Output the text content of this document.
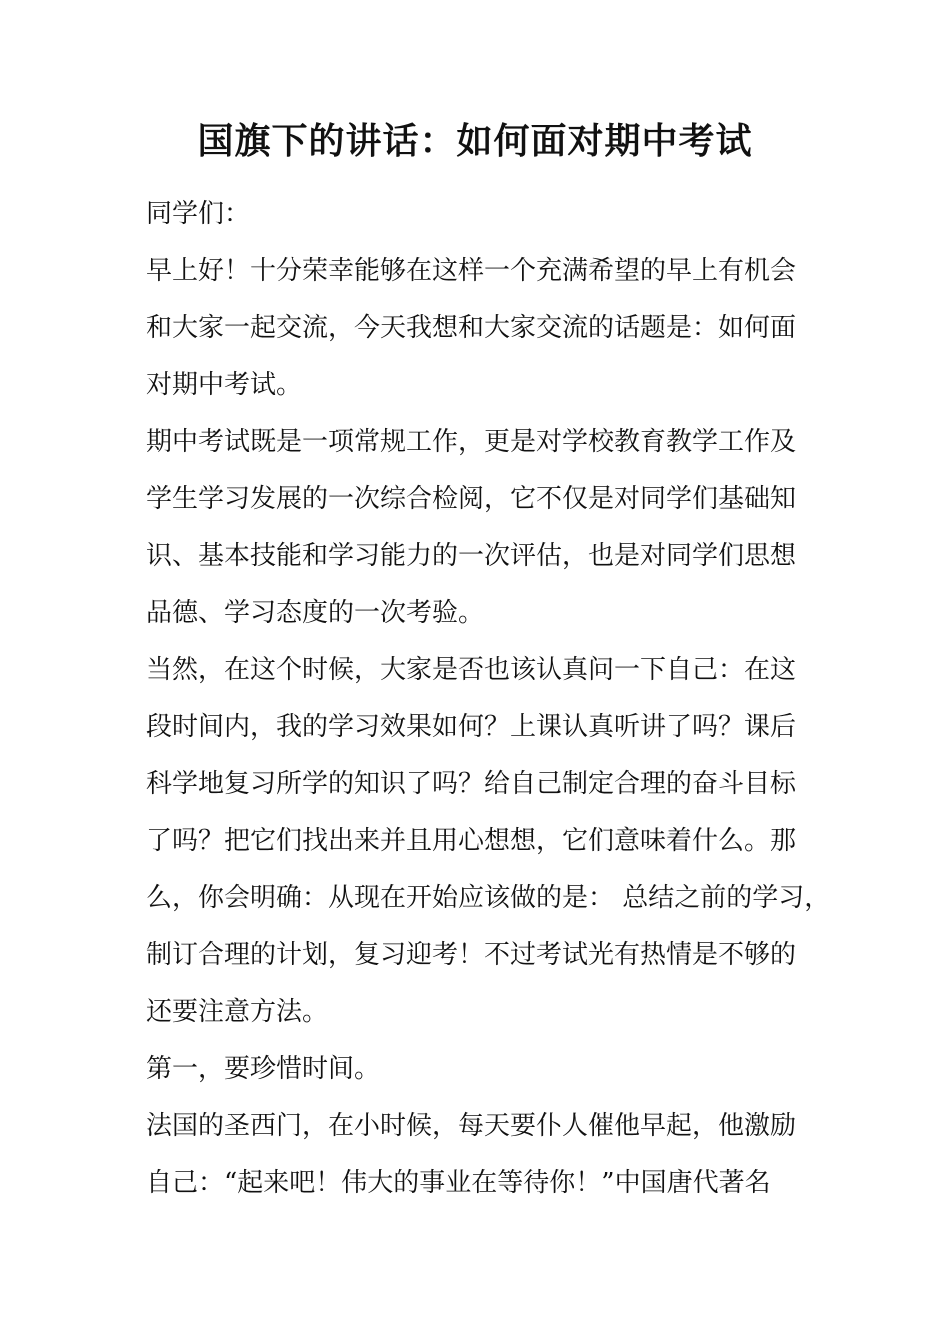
国旗下的讲话：如何面对期中考试

同学们：

早上好！十分荣幸能够在这样一个充满希望的早上有机会
和大家一起交流，今天我想和大家交流的话题是：如何面
对期中考试。

期中考试既是一项常规工作，更是对学校教育教学工作及
学生学习发展的一次综合检阅，它不仅是对同学们基础知
识、基本技能和学习能力的一次评估，也是对同学们思想
品德、学习态度的一次考验。

当然，在这个时候，大家是否也该认真问一下自己：在这
段时间内，我的学习效果如何？上课认真听讲了吗？课后
科学地复习所学的知识了吗？给自己制定合理的奋斗目标
了吗？把它们找出来并且用心想想，它们意味着什么。那
么，你会明确：从现在开始应该做的是： 总结之前的学习，
制订合理的计划，复习迎考！不过考试光有热情是不够的
还要注意方法。

第一，要珍惜时间。

法国的圣西门，在小时候，每天要仆人催他早起，他激励
自己：“起来吧！伟大的事业在等待你！”中国唐代著名
